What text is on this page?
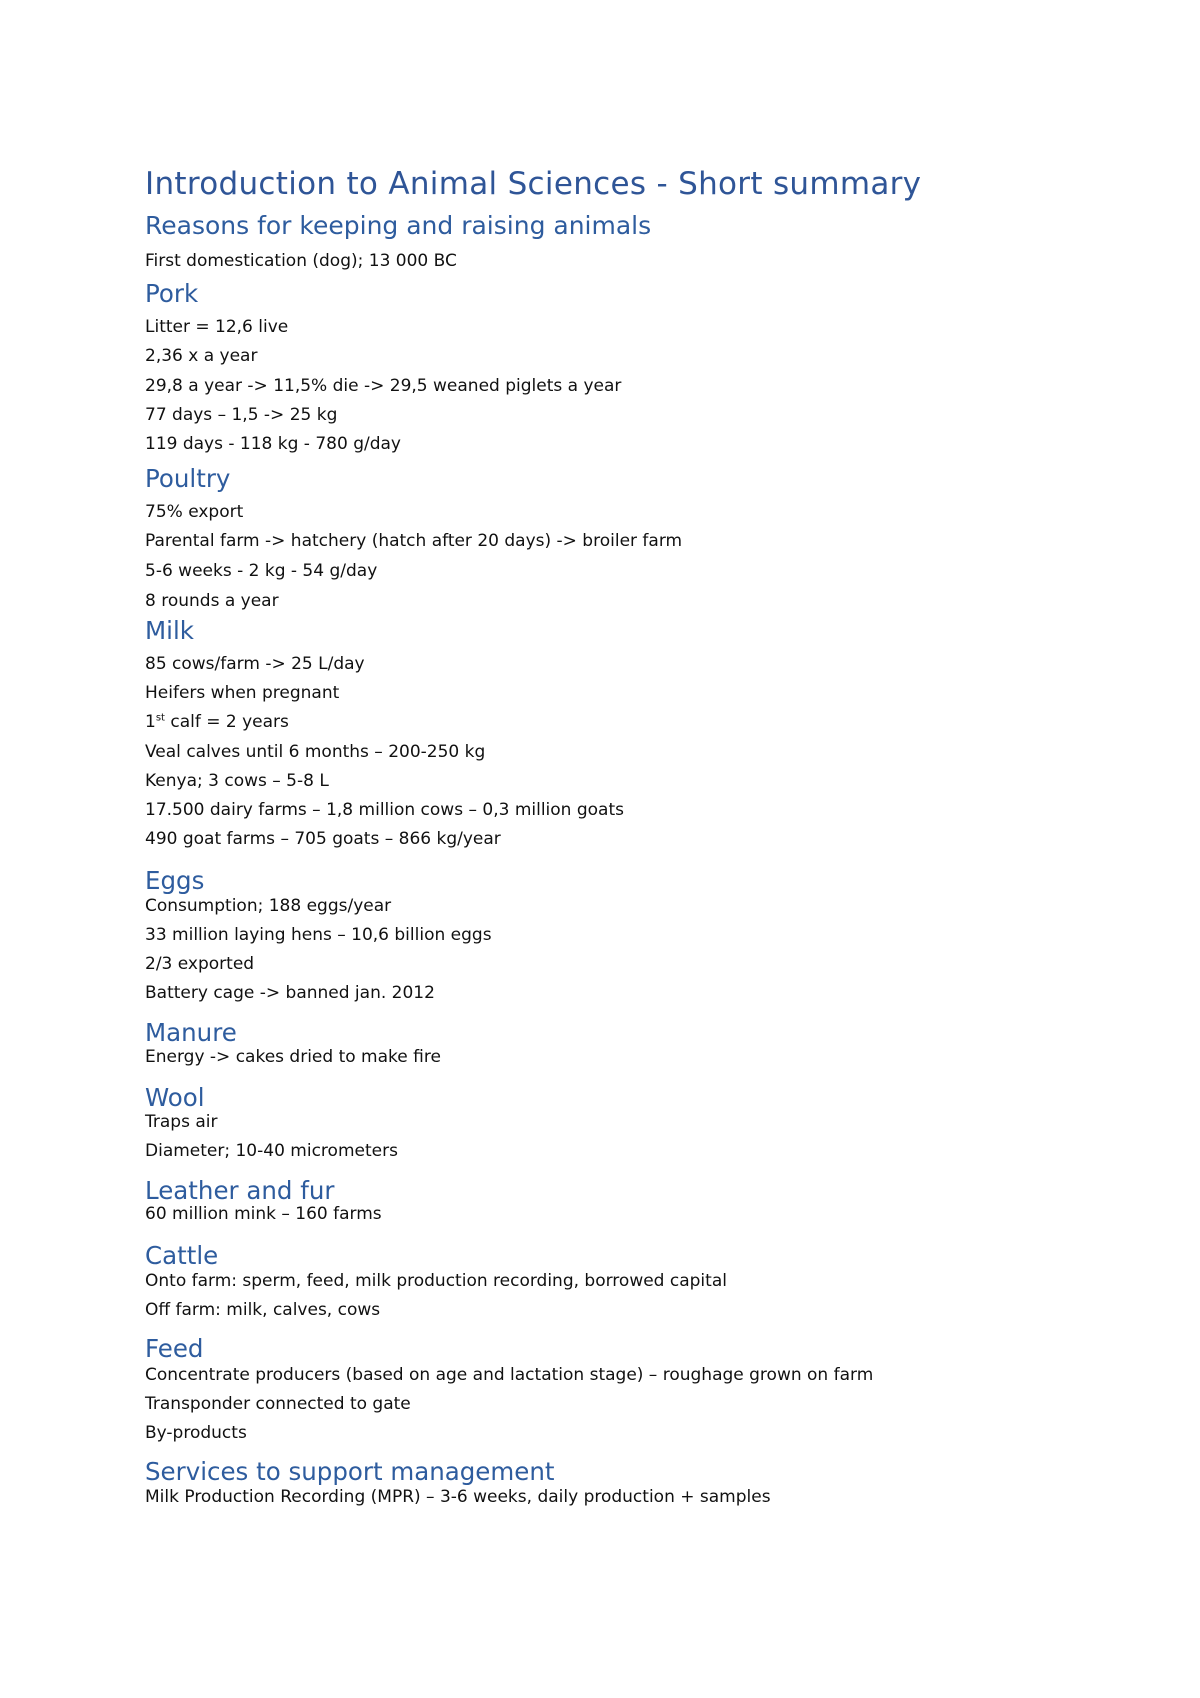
Introduction to Animal Sciences - Short summary
Reasons for keeping and raising animals
First domestication (dog); 13 000 BC
Pork
Litter = 12,6 live
2,36 x a year
29,8 a year -> 11,5% die -> 29,5 weaned piglets a year
77 days – 1,5 -> 25 kg
119 days - 118 kg - 780 g/day
Poultry
75% export
Parental farm -> hatchery (hatch after 20 days) -> broiler farm
5-6 weeks - 2 kg - 54 g/day
8 rounds a year
Milk
85 cows/farm -> 25 L/day
Heifers when pregnant
1st calf = 2 years
Veal calves until 6 months – 200-250 kg
Kenya; 3 cows – 5-8 L
17.500 dairy farms – 1,8 million cows – 0,3 million goats
490 goat farms – 705 goats – 866 kg/year
Eggs
Consumption; 188 eggs/year
33 million laying hens – 10,6 billion eggs
2/3 exported
Battery cage -> banned jan. 2012
Manure
Energy -> cakes dried to make fire
Wool
Traps air
Diameter; 10-40 micrometers
Leather and fur
60 million mink – 160 farms
Cattle
Onto farm: sperm, feed, milk production recording, borrowed capital
Off farm: milk, calves, cows
Feed
Concentrate producers (based on age and lactation stage) – roughage grown on farm
Transponder connected to gate
By-products
Services to support management
Milk Production Recording (MPR) – 3-6 weeks, daily production + samples
